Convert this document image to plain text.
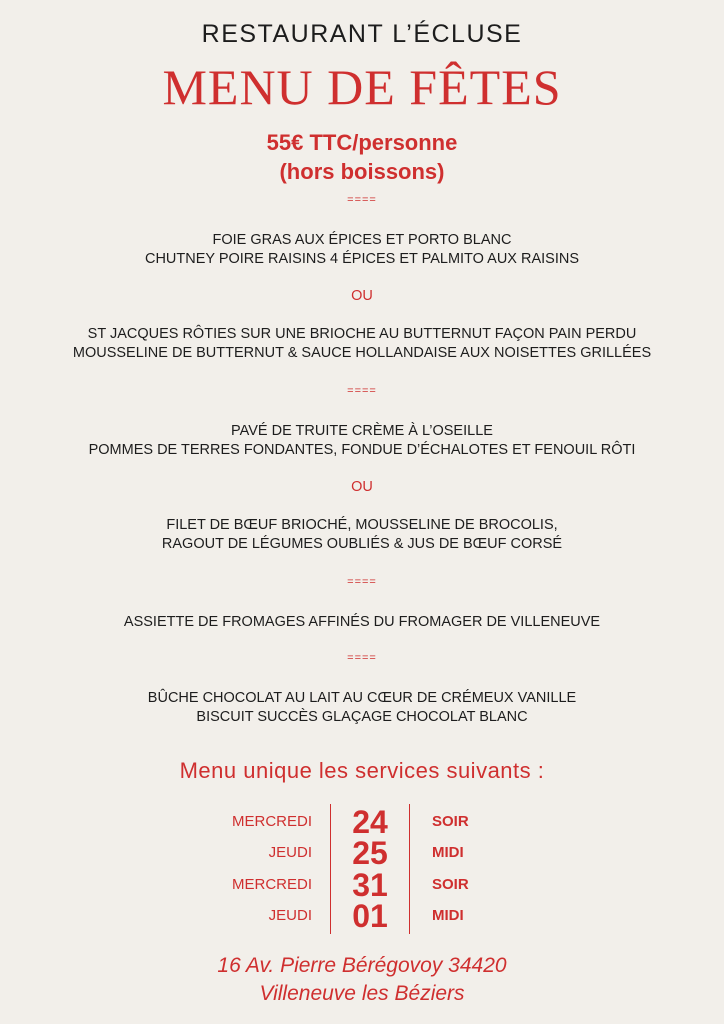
RESTAURANT L’ÉCLUSE
MENU DE FÊTES
55€ TTC/personne
(hors boissons)
====
FOIE GRAS AUX ÉPICES ET PORTO BLANC
CHUTNEY POIRE RAISINS 4 ÉPICES ET PALMITO AUX RAISINS
OU
ST JACQUES RÔTIES SUR UNE BRIOCHE AU BUTTERNUT FAÇON PAIN PERDU
MOUSSELINE DE BUTTERNUT & SAUCE HOLLANDAISE AUX NOISETTES GRILLÉES
====
PAVÉ DE TRUITE CRÈME À L’OSEILLE
POMMES DE TERRES FONDANTES, FONDUE D’ÉCHALOTES ET FENOUIL RÔTI
OU
FILET DE BŒUF BRIOCHÉ, MOUSSELINE DE BROCOLIS,
RAGOUT DE LÉGUMES OUBLIÉS & JUS DE BŒUF CORSÉ
====
ASSIETTE DE FROMAGES AFFINÉS DU FROMAGER DE VILLENEUVE
====
BÛCHE CHOCOLAT AU LAIT AU CŒUR DE CRÉMEUX VANILLE
BISCUIT SUCCÈS GLAÇAGE CHOCOLAT BLANC
Menu unique les services suivants :
MERCREDI	24	SOIR
JEUDI	25	MIDI
MERCREDI	31	SOIR
JEUDI	01	MIDI
16 Av. Pierre Bérégovoy 34420
Villeneuve les Béziers
